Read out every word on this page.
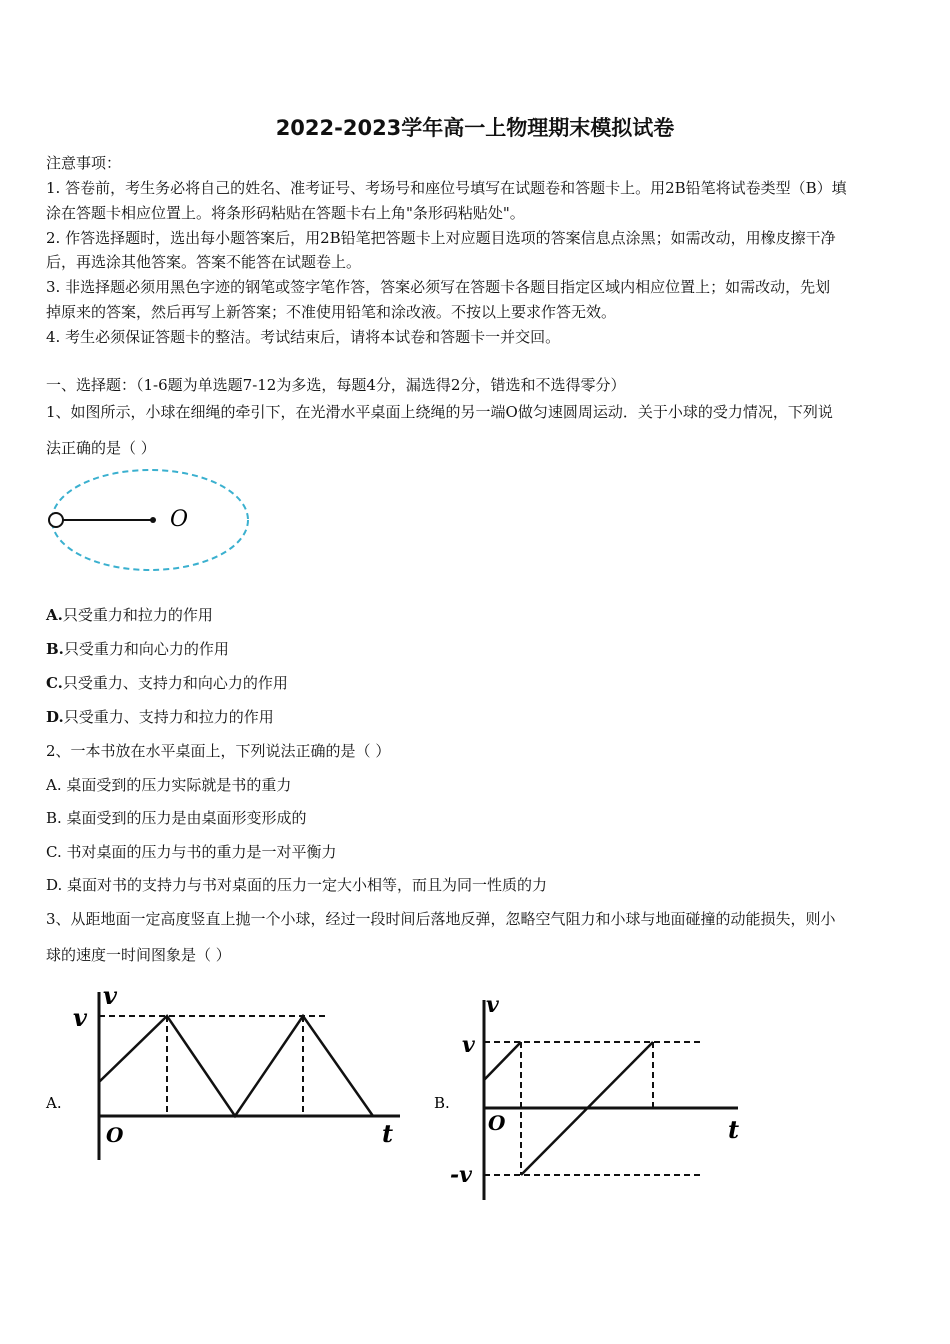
2022-2023学年高一上物理期末模拟试卷
注意事项：
1. 答卷前，考生务必将自己的姓名、准考证号、考场号和座位号填写在试题卷和答题卡上。用2B铅笔将试卷类型（B）填
涂在答题卡相应位置上。将条形码粘贴在答题卡右上角"条形码粘贴处"。
2. 作答选择题时，选出每小题答案后，用2B铅笔把答题卡上对应题目选项的答案信息点涂黑；如需改动，用橡皮擦干净
后，再选涂其他答案。答案不能答在试题卷上。
3. 非选择题必须用黑色字迹的钢笔或签字笔作答，答案必须写在答题卡各题目指定区域内相应位置上；如需改动，先划
掉原来的答案，然后再写上新答案；不准使用铅笔和涂改液。不按以上要求作答无效。
4. 考生必须保证答题卡的整洁。考试结束后，请将本试卷和答题卡一并交回。
一、选择题：（1-6题为单选题7-12为多选，每题4分，漏选得2分，错选和不选得零分）
1、如图所示，小球在细绳的牵引下，在光滑水平桌面上绕绳的另一端O做匀速圆周运动．关于小球的受力情况，下列说
法正确的是（ ）
O
A.只受重力和拉力的作用
B.只受重力和向心力的作用
C.只受重力、支持力和向心力的作用
D.只受重力、支持力和拉力的作用
2、一本书放在水平桌面上，下列说法正确的是（ ）
A. 桌面受到的压力实际就是书的重力
B. 桌面受到的压力是由桌面形变形成的
C. 书对桌面的压力与书的重力是一对平衡力
D. 桌面对书的支持力与书对桌面的压力一定大小相等，而且为同一性质的力
3、从距地面一定高度竖直上抛一个小球，经过一段时间后落地反弹，忽略空气阻力和小球与地面碰撞的动能损失，则小
球的速度一时间图象是（ ）
A.
v
v
O	t
B.
v
v
-v
O	t
